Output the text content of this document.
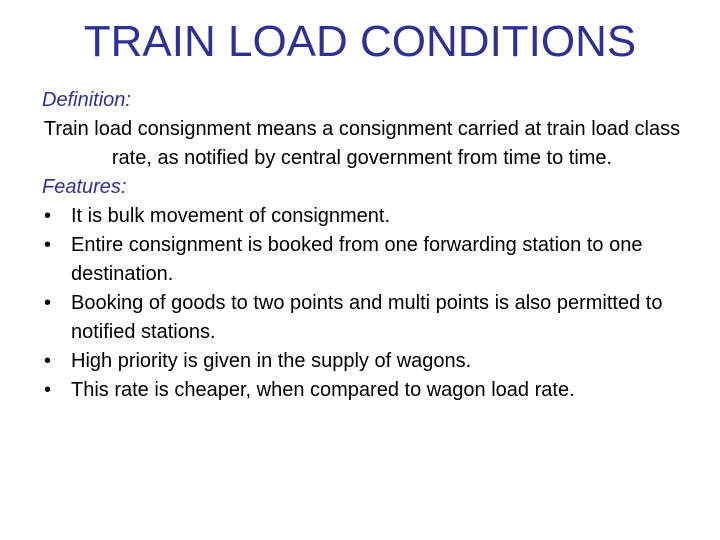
TRAIN LOAD CONDITIONS
Definition:
Train load consignment means a consignment carried at train load class rate, as notified by central government from time to time.
Features:
• It is bulk movement of consignment.
• Entire consignment is booked from one forwarding station to one destination.
• Booking of goods to two points and multi points is also permitted to notified stations.
• High priority is given in the supply of wagons.
• This rate is cheaper, when compared to wagon load rate.
